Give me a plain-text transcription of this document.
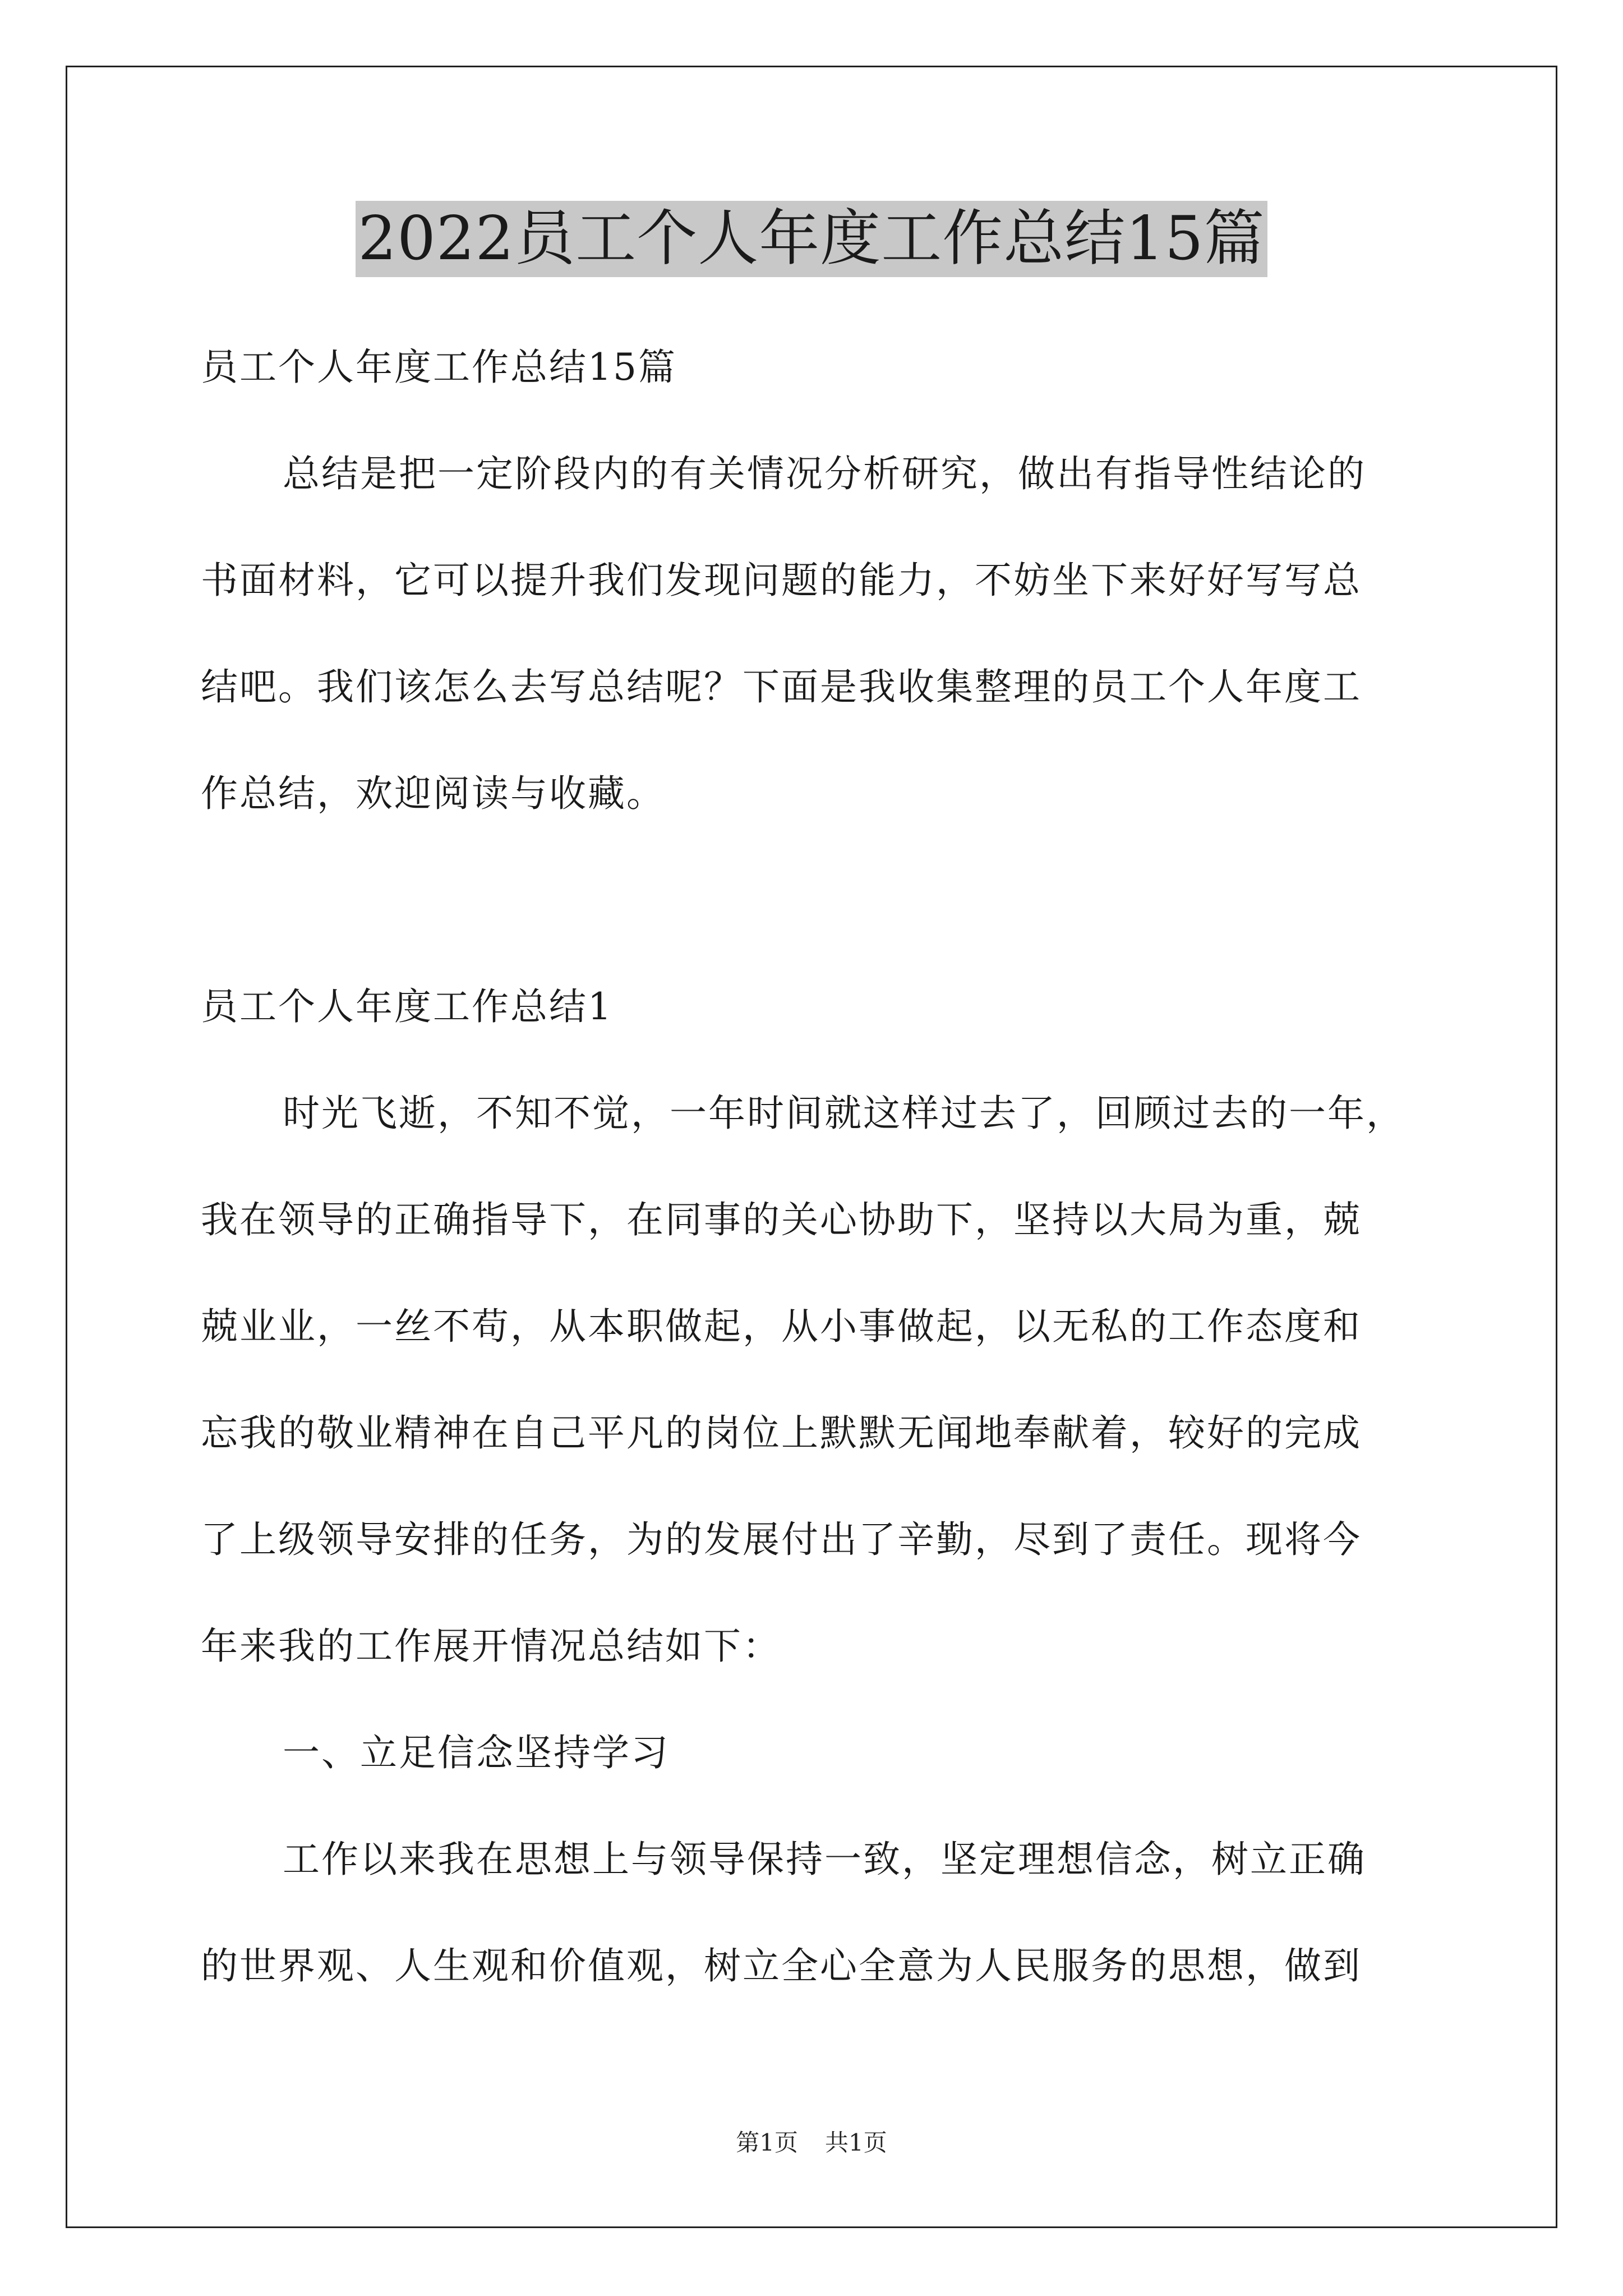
2022员工个人年度工作总结15篇

员工个人年度工作总结15篇

总结是把一定阶段内的有关情况分析研究，做出有指导性结论的

书面材料，它可以提升我们发现问题的能力，不妨坐下来好好写写总

结吧。我们该怎么去写总结呢？下面是我收集整理的员工个人年度工

作总结，欢迎阅读与收藏。

员工个人年度工作总结1

时光飞逝，不知不觉，一年时间就这样过去了，回顾过去的一年，

我在领导的正确指导下，在同事的关心协助下，坚持以大局为重，兢

兢业业，一丝不苟，从本职做起，从小事做起，以无私的工作态度和

忘我的敬业精神在自己平凡的岗位上默默无闻地奉献着，较好的完成

了上级领导安排的任务，为的发展付出了辛勤，尽到了责任。现将今

年来我的工作展开情况总结如下：

一、立足信念坚持学习

工作以来我在思想上与领导保持一致，坚定理想信念，树立正确

的世界观、人生观和价值观，树立全心全意为人民服务的思想，做到

第1页 共1页
